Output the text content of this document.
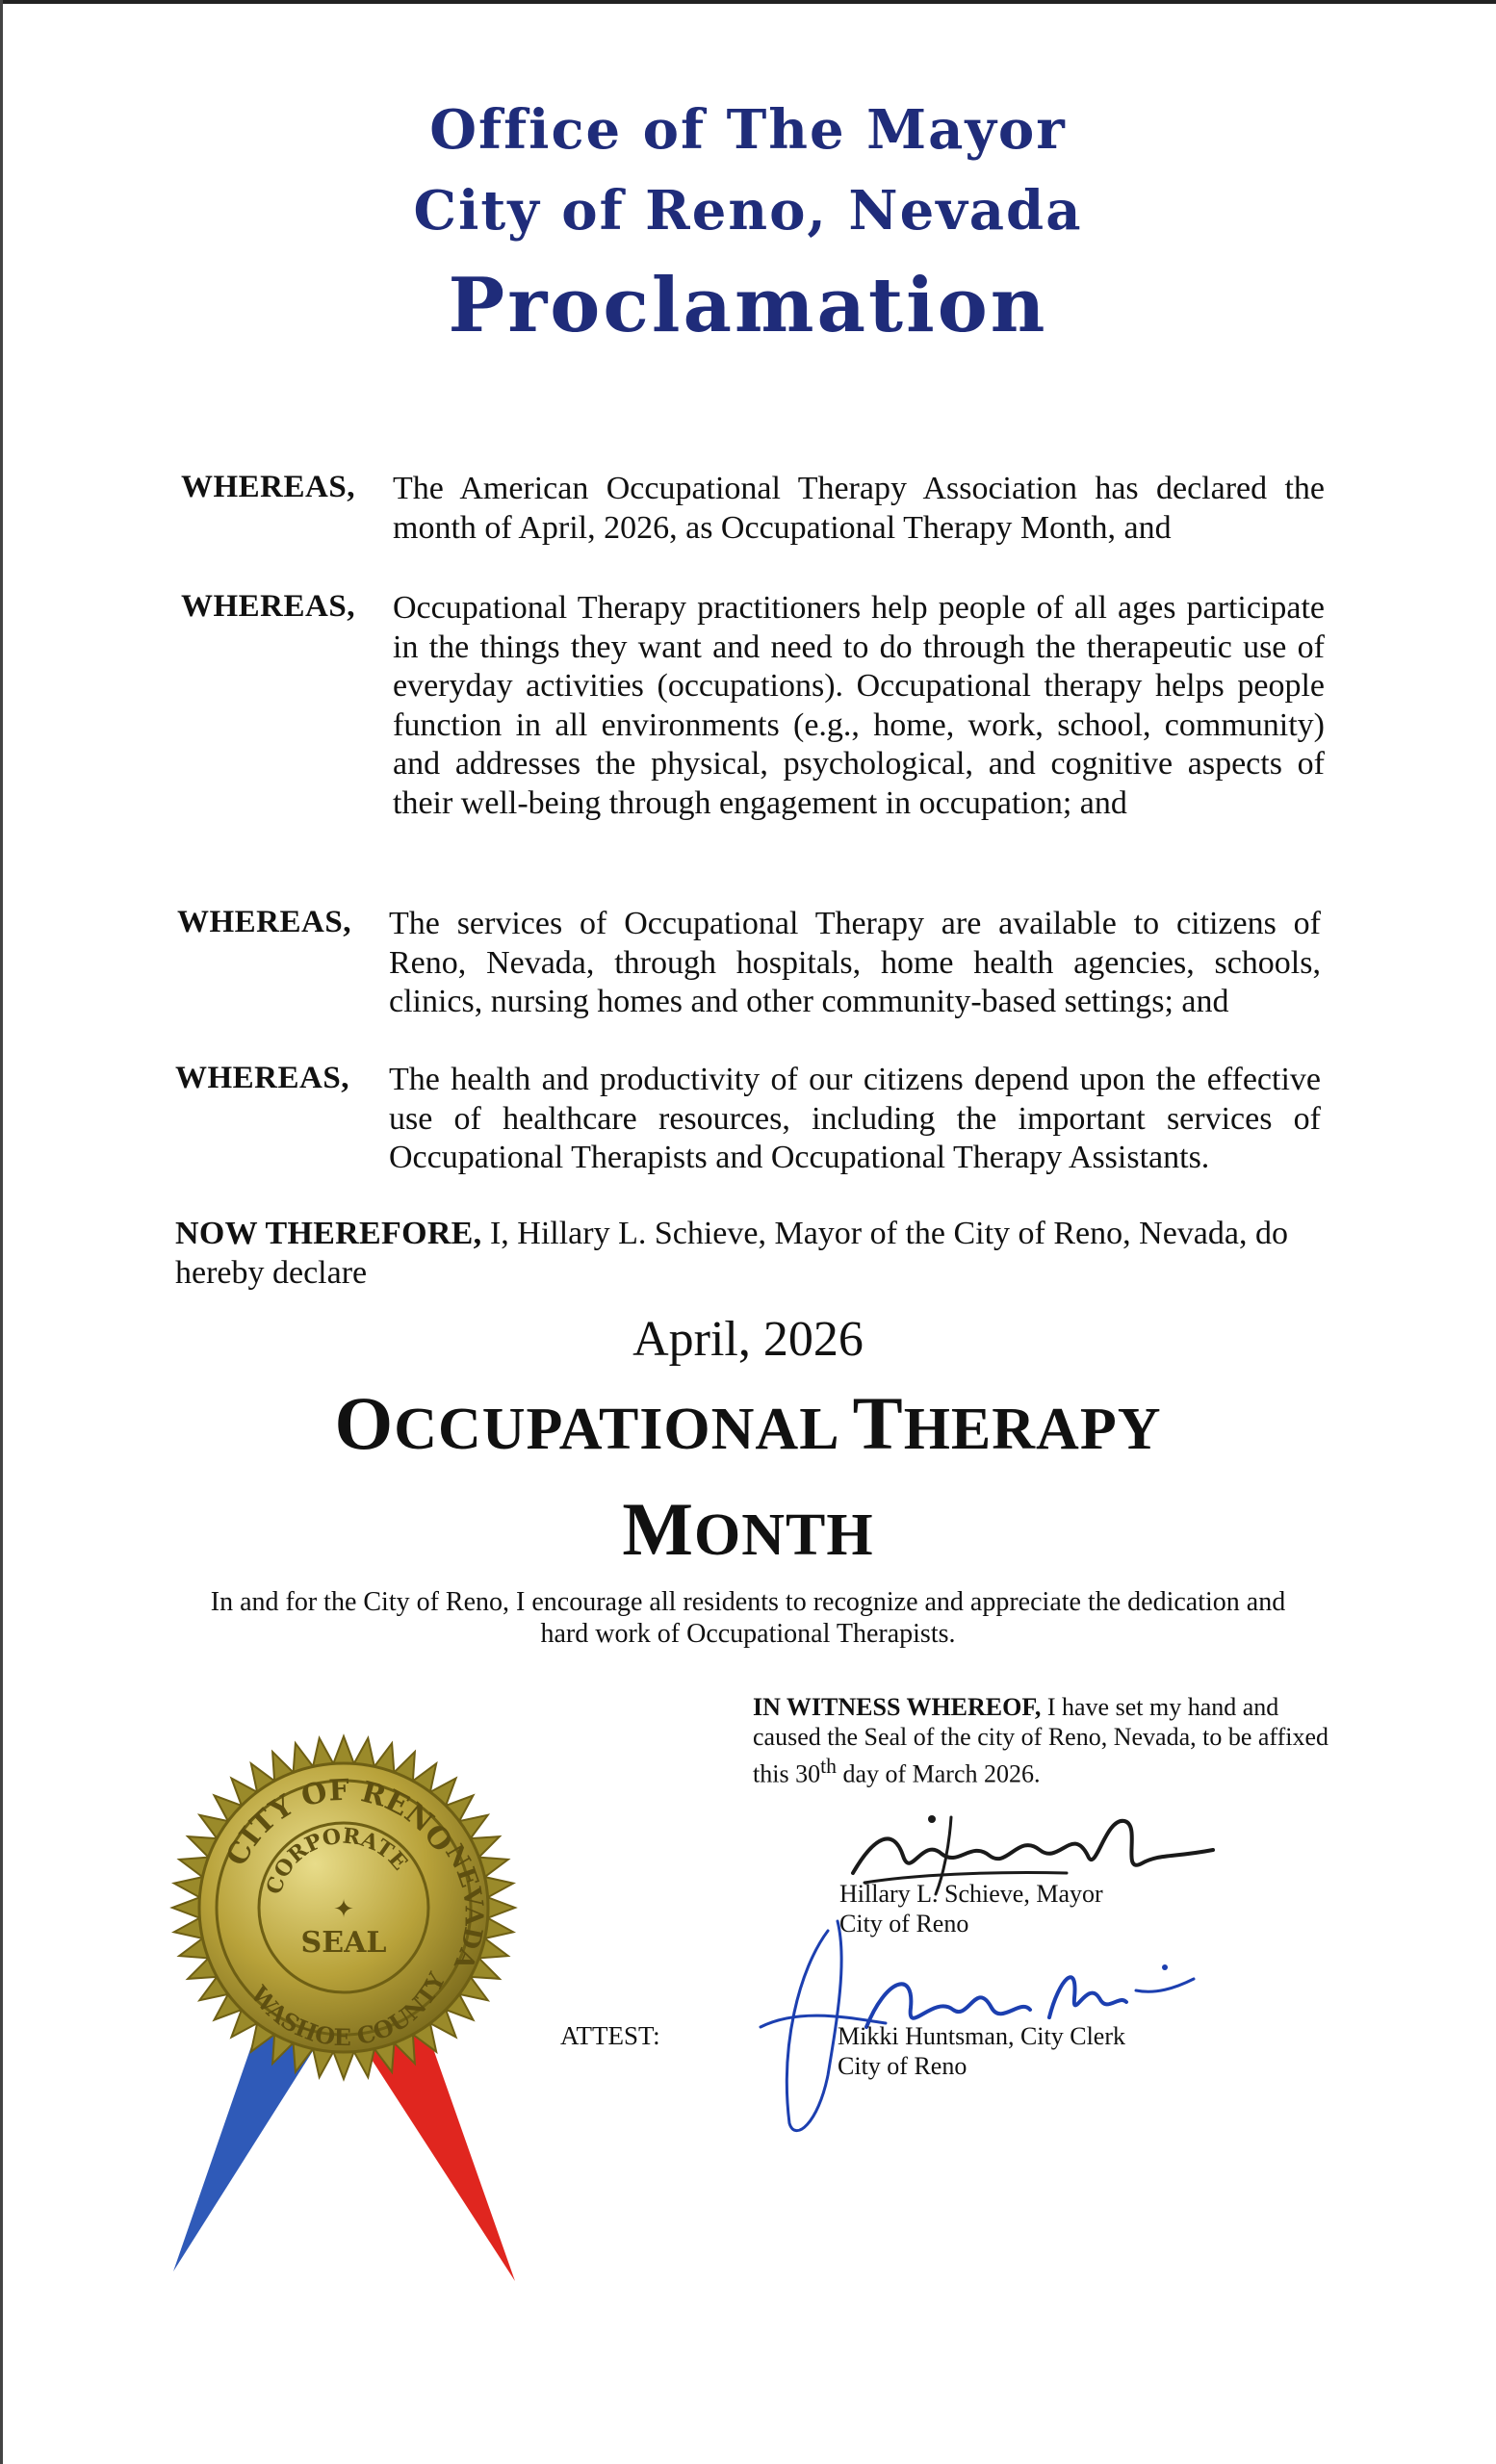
Office of The Mayor
City of Reno, Nevada
Proclamation
WHEREAS, The American Occupational Therapy Association has declared the month of April, 2026, as Occupational Therapy Month, and
WHEREAS, Occupational Therapy practitioners help people of all ages participate in the things they want and need to do through the therapeutic use of everyday activities (occupations). Occupational therapy helps people function in all environments (e.g., home, work, school, community) and addresses the physical, psychological, and cognitive aspects of their well-being through engagement in occupation; and
WHEREAS, The services of Occupational Therapy are available to citizens of Reno, Nevada, through hospitals, home health agencies, schools, clinics, nursing homes and other community-based settings; and
WHEREAS, The health and productivity of our citizens depend upon the effective use of healthcare resources, including the important services of Occupational Therapists and Occupational Therapy Assistants.
NOW THEREFORE, I, Hillary L. Schieve, Mayor of the City of Reno, Nevada, do hereby declare
April, 2026
OCCUPATIONAL THERAPY
MONTH
In and for the City of Reno, I encourage all residents to recognize and appreciate the dedication and hard work of Occupational Therapists.
IN WITNESS WHEREOF, I have set my hand and caused the Seal of the city of Reno, Nevada, to be affixed this 30th day of March 2026.
CITY OF RENO
NEVADA
WASHOE COUNTY
CORPORATE
SEAL
✦
Hillary L. Schieve, Mayor
City of Reno
ATTEST:	Mikki Huntsman, City Clerk
City of Reno
